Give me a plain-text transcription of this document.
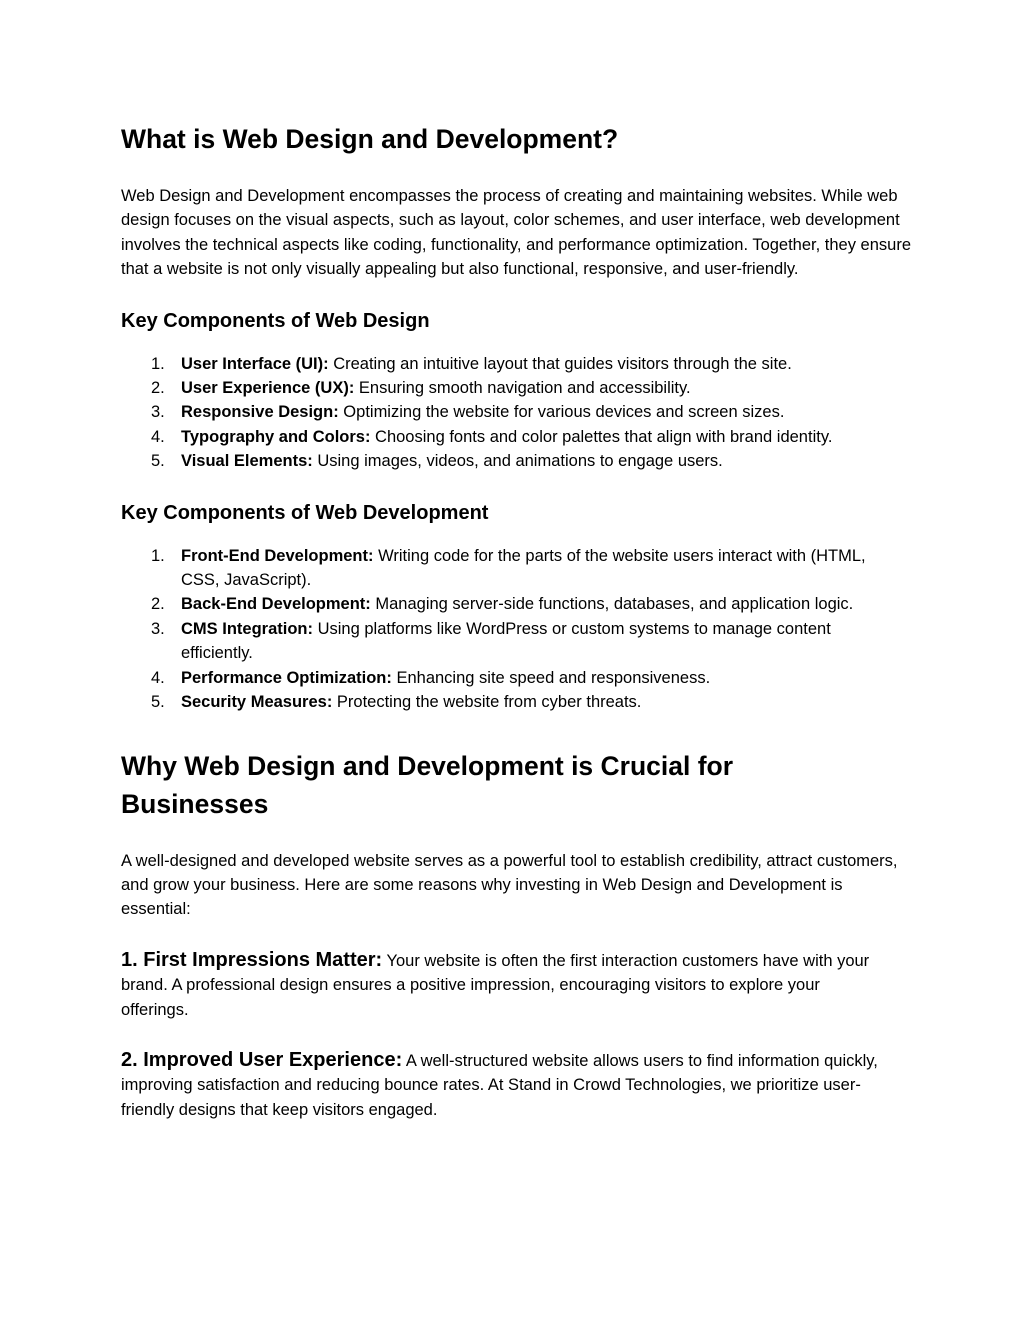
What is Web Design and Development?

Web Design and Development encompasses the process of creating and maintaining websites. While web design focuses on the visual aspects, such as layout, color schemes, and user interface, web development involves the technical aspects like coding, functionality, and performance optimization. Together, they ensure that a website is not only visually appealing but also functional, responsive, and user-friendly.

Key Components of Web Design
1. User Interface (UI): Creating an intuitive layout that guides visitors through the site.
2. User Experience (UX): Ensuring smooth navigation and accessibility.
3. Responsive Design: Optimizing the website for various devices and screen sizes.
4. Typography and Colors: Choosing fonts and color palettes that align with brand identity.
5. Visual Elements: Using images, videos, and animations to engage users.
Key Components of Web Development
1. Front-End Development: Writing code for the parts of the website users interact with (HTML, CSS, JavaScript).
2. Back-End Development: Managing server-side functions, databases, and application logic.
3. CMS Integration: Using platforms like WordPress or custom systems to manage content efficiently.
4. Performance Optimization: Enhancing site speed and responsiveness.
5. Security Measures: Protecting the website from cyber threats.
Why Web Design and Development is Crucial for Businesses

A well-designed and developed website serves as a powerful tool to establish credibility, attract customers, and grow your business. Here are some reasons why investing in Web Design and Development is essential:

1. First Impressions Matter: Your website is often the first interaction customers have with your brand. A professional design ensures a positive impression, encouraging visitors to explore your offerings.

2. Improved User Experience: A well-structured website allows users to find information quickly, improving satisfaction and reducing bounce rates. At Stand in Crowd Technologies, we prioritize user-friendly designs that keep visitors engaged.
